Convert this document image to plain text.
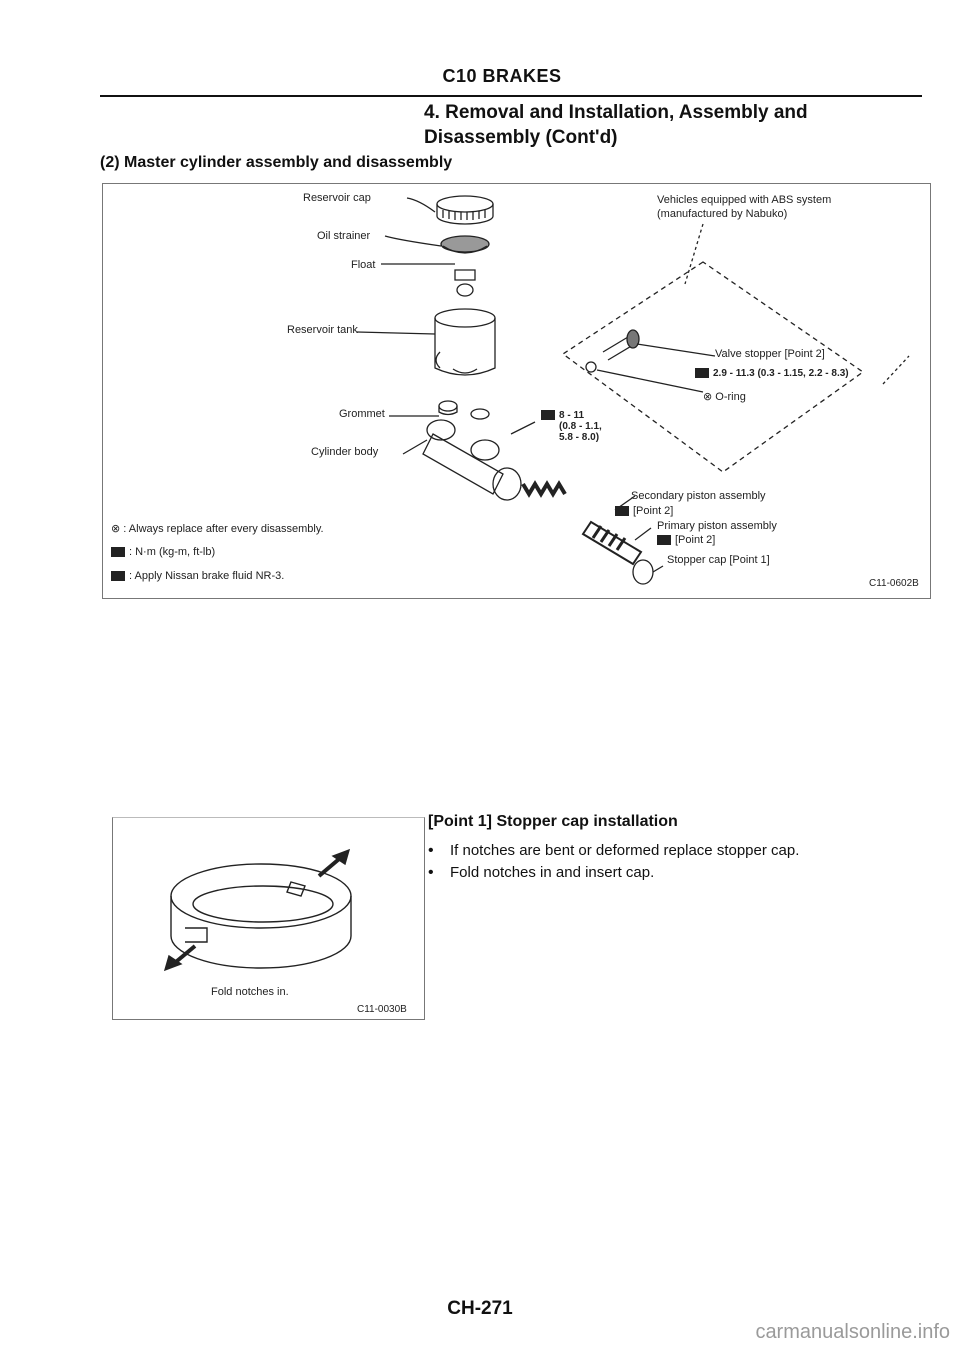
C10 BRAKES
4. Removal and Installation, Assembly and
Disassembly (Cont'd)
(2) Master cylinder assembly and disassembly
Reservoir cap
Oil strainer
Float
Reservoir tank
Grommet
Cylinder body
Vehicles equipped with ABS system
(manufactured by Nabuko)
Valve stopper [Point 2]
2.9 - 11.3 (0.3 - 1.15, 2.2 - 8.3)
⊗ O-ring
8 - 11
(0.8 - 1.1,
5.8 - 8.0)
Secondary piston assembly
[Point 2]
Primary piston assembly
[Point 2]
Stopper cap [Point 1]
⊗ : Always replace after every disassembly.
: N·m (kg-m, ft-lb)
: Apply Nissan brake fluid NR-3.
C11-0602B
Fold notches in.
C11-0030B
[Point 1] Stopper cap installation
• If notches are bent or deformed replace stopper cap.
• Fold notches in and insert cap.
CH-271
carmanualsonline.info
